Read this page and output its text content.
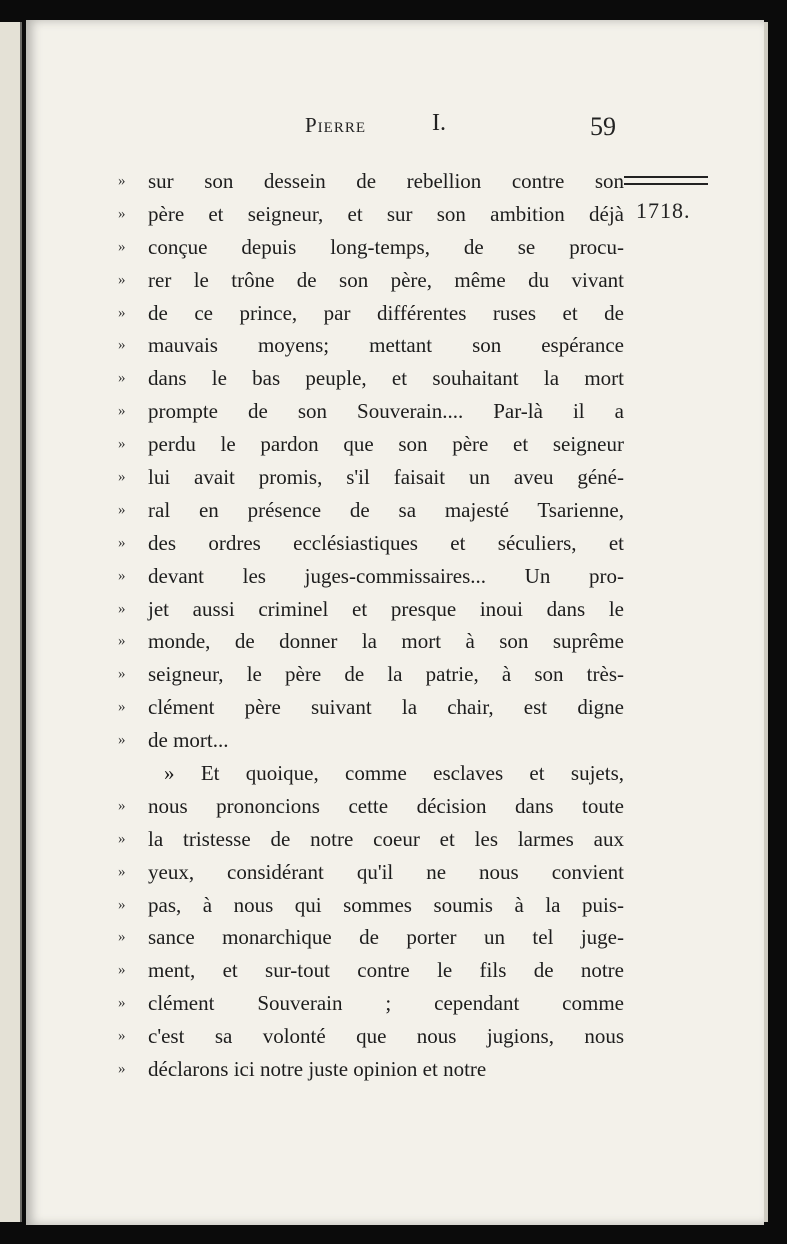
Pierre	I.	59
1718.
»	sur son dessein de rebellion contre son
»	père et seigneur, et sur son ambition déjà
»	conçue depuis long-temps, de se procu-
»	rer le trône de son père, même du vivant
»	de ce prince, par différentes ruses et de
»	mauvais moyens; mettant son espérance
»	dans le bas peuple, et souhaitant la mort
»	prompte de son Souverain.... Par-là il a
»	perdu le pardon que son père et seigneur
»	lui avait promis, s'il faisait un aveu géné-
»	ral en présence de sa majesté Tsarienne,
»	des ordres ecclésiastiques et séculiers, et
»	devant les juges-commissaires... Un pro-
»	jet aussi criminel et presque inoui dans le
»	monde, de donner la mort à son suprême
»	seigneur, le père de la patrie, à son très-
»	clément père suivant la chair, est digne
»	de mort...
» Et quoique, comme esclaves et sujets,
»	nous prononcions cette décision dans toute
»	la tristesse de notre coeur et les larmes aux
»	yeux, considérant qu'il ne nous convient
»	pas, à nous qui sommes soumis à la puis-
»	sance monarchique de porter un tel juge-
»	ment, et sur-tout contre le fils de notre
»	clément Souverain ; cependant comme
»	c'est sa volonté que nous jugions, nous
»	déclarons ici notre juste opinion et notre
